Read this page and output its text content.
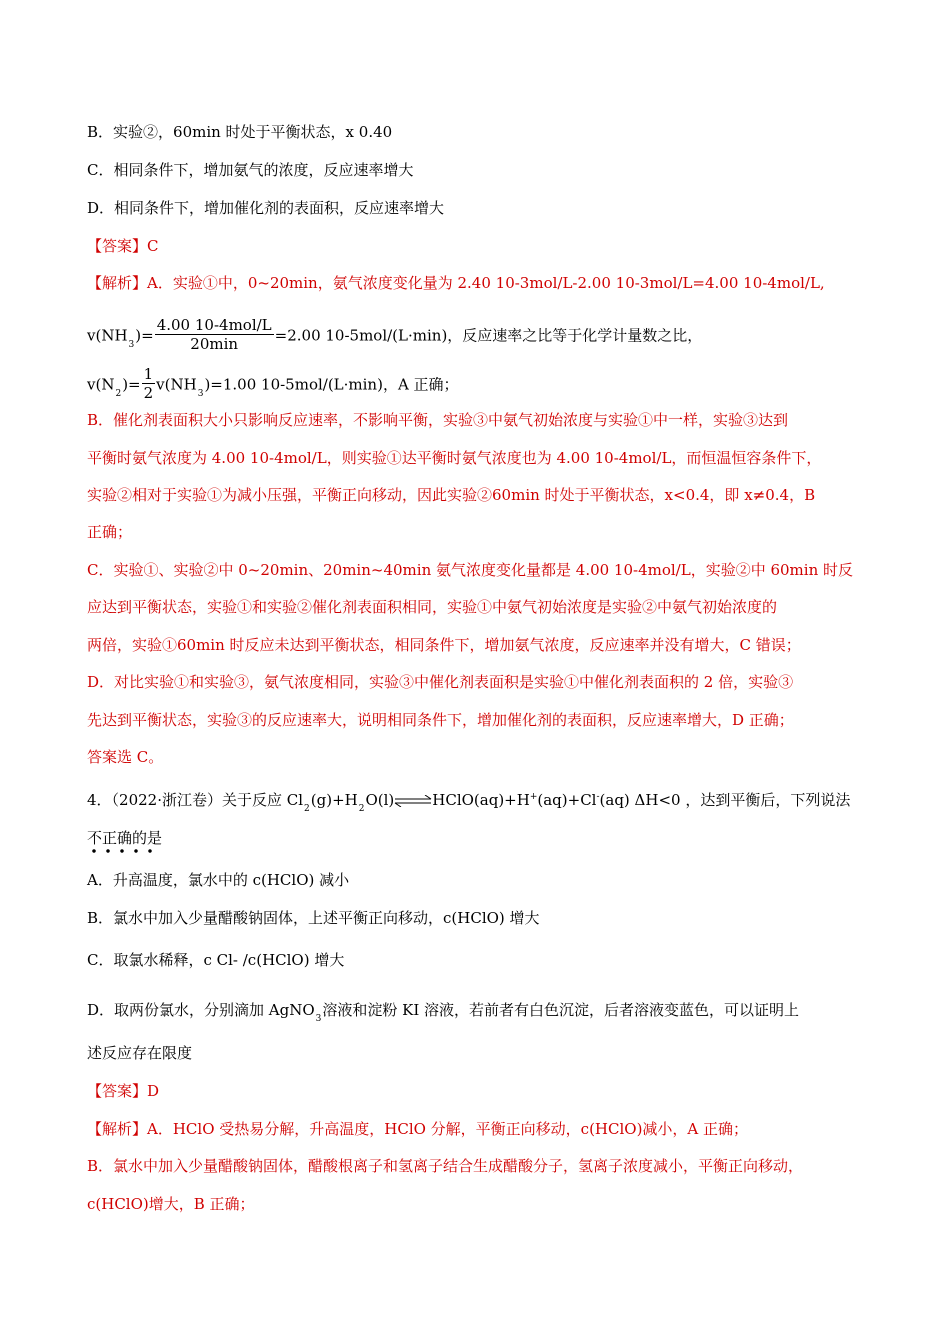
B．实验②，60min 时处于平衡状态，x 0.40
C．相同条件下，增加氨气的浓度，反应速率增大
D．相同条件下，增加催化剂的表面积，反应速率增大
【答案】C
【解析】A．实验①中，0~20min，氨气浓度变化量为 2.40 10-3mol/L-2.00 10-3mol/L=4.00 10-4mol/L,
$v(NH_3)= \frac{\text{4.00 10-4mol/L}}{20\min} =2.00$ 10-5mol/(L·min)，反应速率之比等于化学计量数之比，
$v(N_2)= \frac{1}{2} v(NH_3)=1.00$ 10-5mol/(L·min)，A 正确；
B．催化剂表面积大小只影响反应速率，不影响平衡，实验③中氨气初始浓度与实验①中一样，实验③达到
平衡时氨气浓度为 4.00 10-4mol/L，则实验①达平衡时氨气浓度也为 4.00 10-4mol/L，而恒温恒容条件下，
实验②相对于实验①为减小压强，平衡正向移动，因此实验②60min 时处于平衡状态，x<0.4，即 x≠0.4，B
正确；
C．实验①、实验②中 0~20min、20min~40min 氨气浓度变化量都是 4.00 10-4mol/L，实验②中 60min 时反
应达到平衡状态，实验①和实验②催化剂表面积相同，实验①中氨气初始浓度是实验②中氨气初始浓度的
两倍，实验①60min 时反应未达到平衡状态，相同条件下，增加氨气浓度，反应速率并没有增大，C 错误；
D．对比实验①和实验③，氨气浓度相同，实验③中催化剂表面积是实验①中催化剂表面积的 2 倍，实验③
先达到平衡状态，实验③的反应速率大，说明相同条件下，增加催化剂的表面积，反应速率增大，D 正确；
答案选 C。
4．（2022·浙江卷）关于反应 $Cl_2(g)+H_2O(l)\rightleftharpoons HClO(aq)+H^+(aq)+Cl^-(aq)$ ΔH<0 ，达到平衡后，下列说法
不正确的是
A．升高温度，氯水中的 c(HClO) 减小
B．氯水中加入少量醋酸钠固体，上述平衡正向移动，c(HClO) 增大
C．取氯水稀释，c Cl- /c(HClO) 增大
D．取两份氯水，分别滴加 AgNO$_3$溶液和淀粉 KI 溶液，若前者有白色沉淀，后者溶液变蓝色，可以证明上
述反应存在限度
【答案】D
【解析】A．HClO 受热易分解，升高温度，HClO 分解，平衡正向移动，c(HClO)减小，A 正确；
B．氯水中加入少量醋酸钠固体，醋酸根离子和氢离子结合生成醋酸分子，氢离子浓度减小，平衡正向移动，
c(HClO)增大，B 正确；
